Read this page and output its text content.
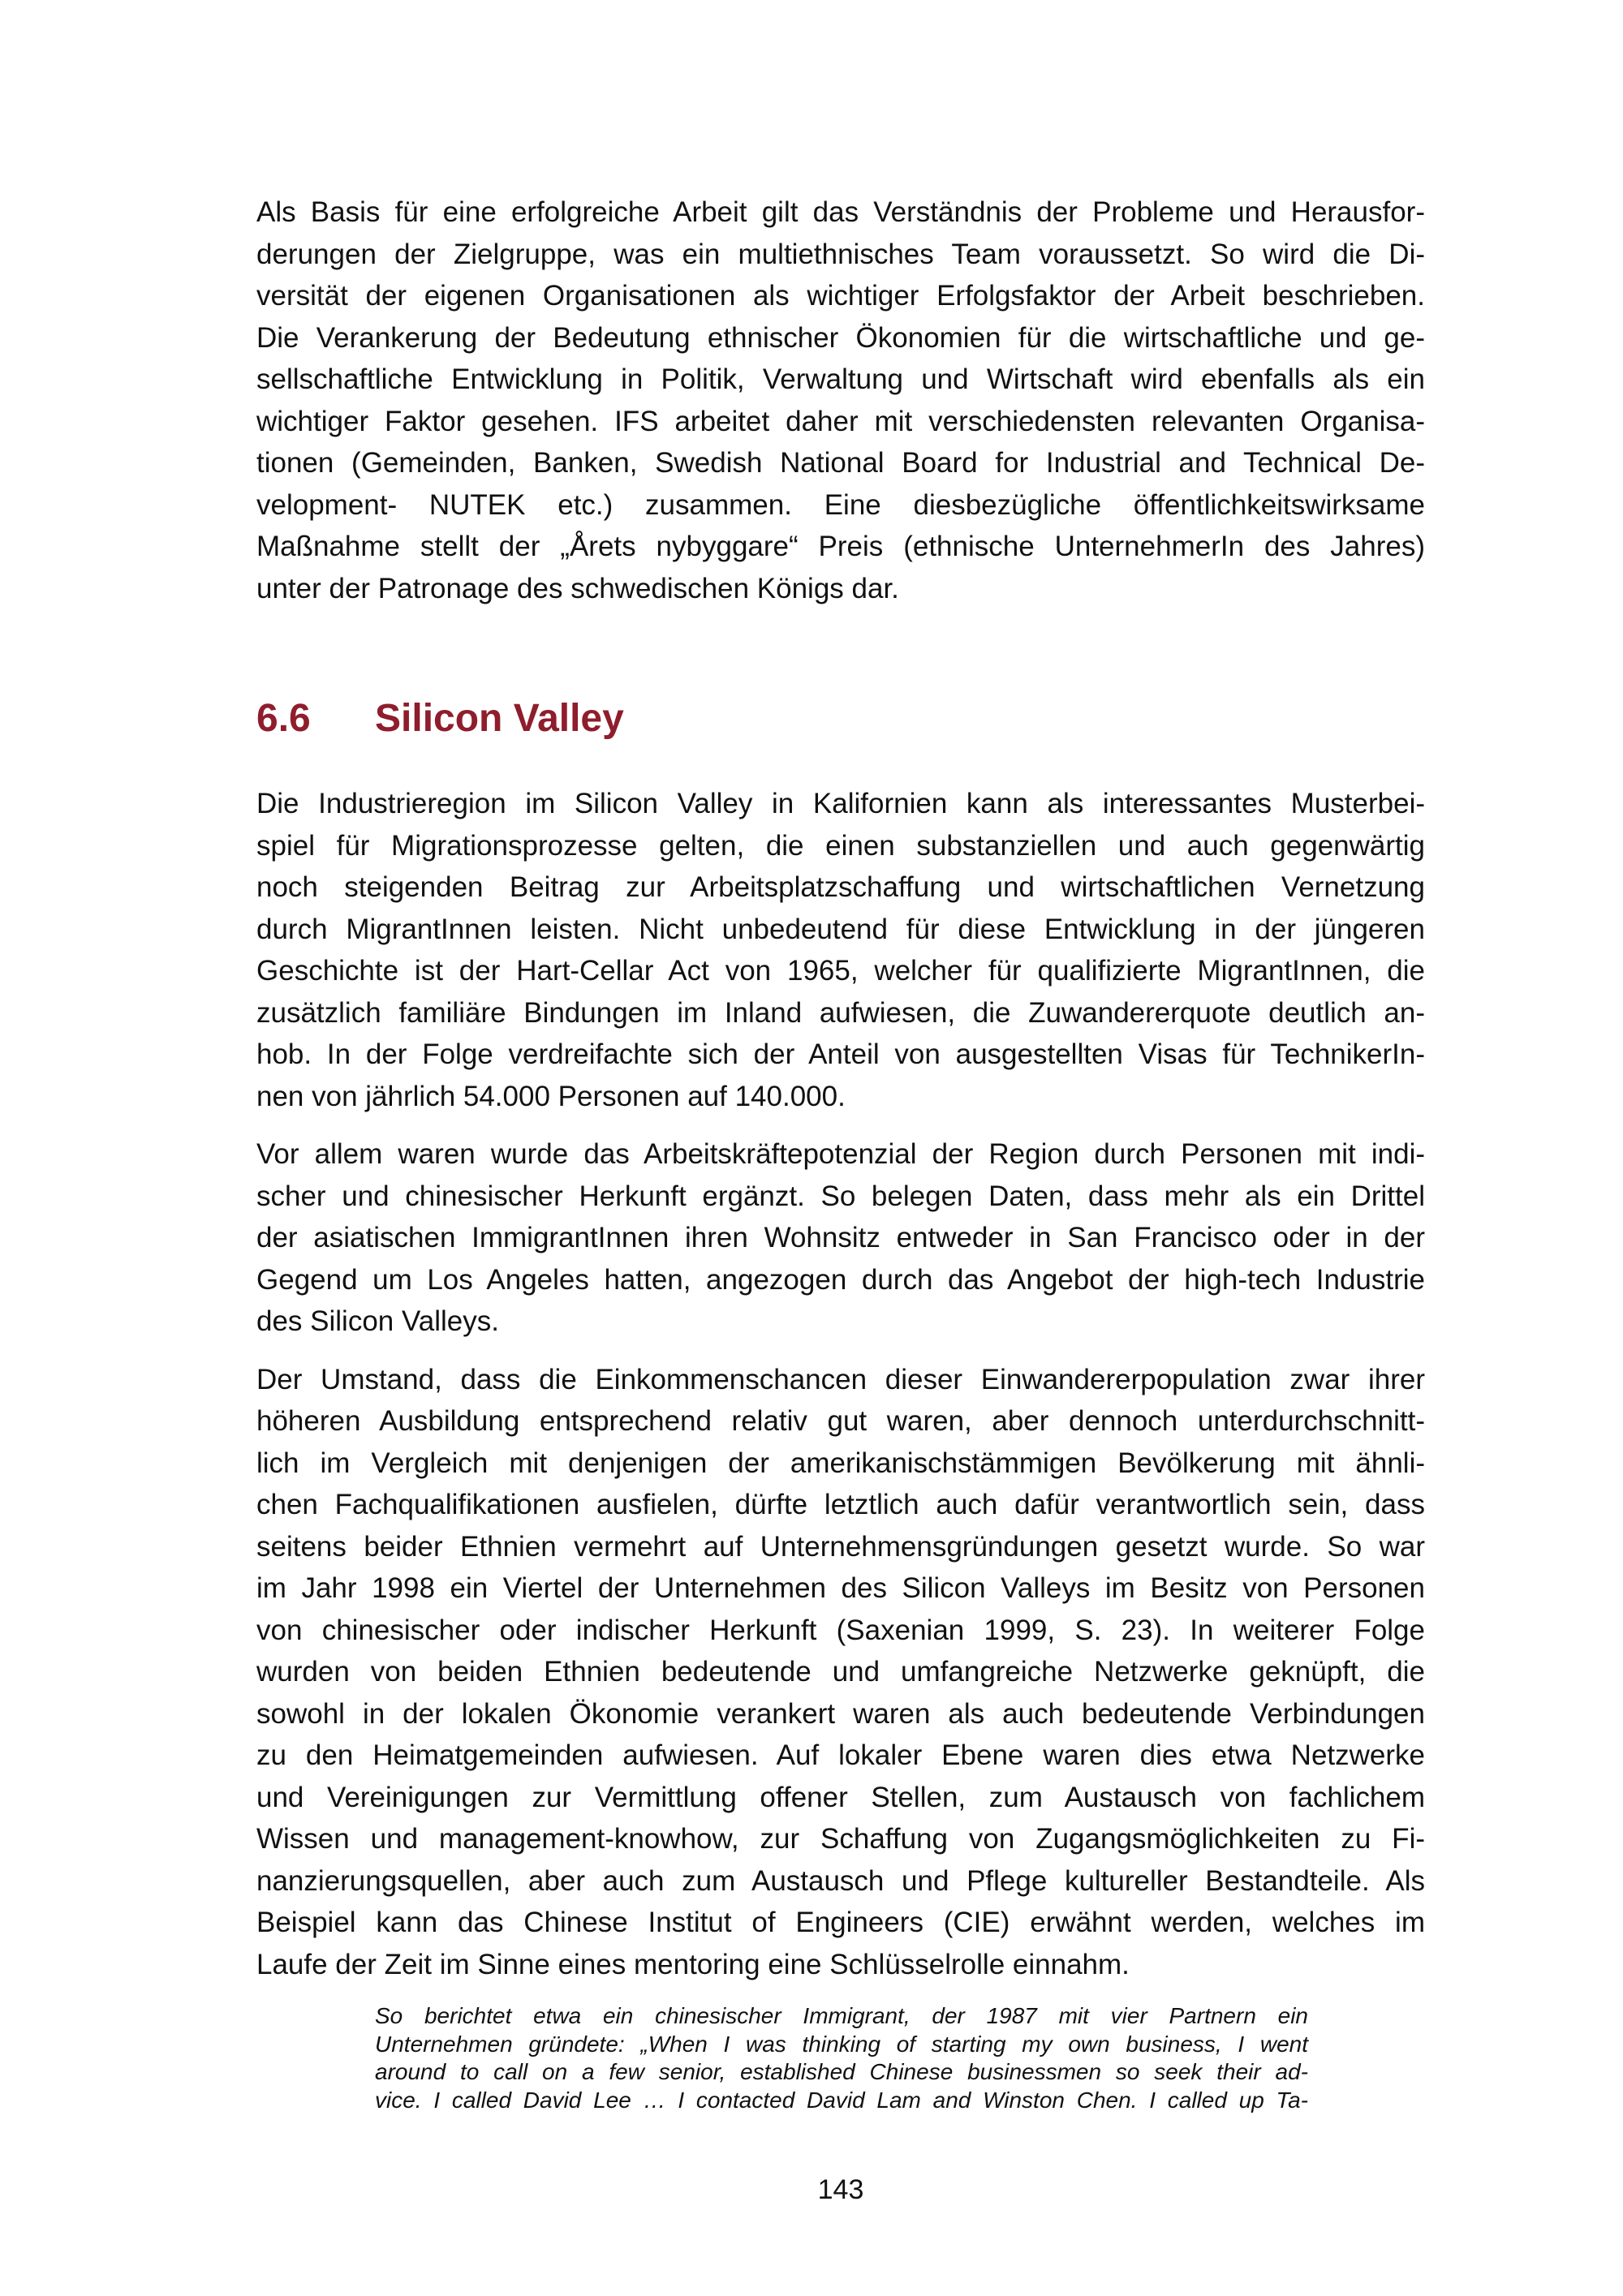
Als Basis für eine erfolgreiche Arbeit gilt das Verständnis der Probleme und Herausfor-
derungen der Zielgruppe, was ein multiethnisches Team voraussetzt. So wird die Di-
versität der eigenen Organisationen als wichtiger Erfolgsfaktor der Arbeit beschrieben.
Die Verankerung der Bedeutung ethnischer Ökonomien für die wirtschaftliche und ge-
sellschaftliche Entwicklung in Politik, Verwaltung und Wirtschaft wird ebenfalls als ein
wichtiger Faktor gesehen. IFS arbeitet daher mit verschiedensten relevanten Organisa-
tionen (Gemeinden, Banken, Swedish National Board for Industrial and Technical De-
velopment- NUTEK etc.) zusammen. Eine diesbezügliche öffentlichkeitswirksame
Maßnahme stellt der „Årets nybyggare“ Preis (ethnische UnternehmerIn des Jahres)
unter der Patronage des schwedischen Königs dar.
6.6 Silicon Valley
Die Industrieregion im Silicon Valley in Kalifornien kann als interessantes Musterbei-
spiel für Migrationsprozesse gelten, die einen substanziellen und auch gegenwärtig
noch steigenden Beitrag zur Arbeitsplatzschaffung und wirtschaftlichen Vernetzung
durch MigrantInnen leisten. Nicht unbedeutend für diese Entwicklung in der jüngeren
Geschichte ist der Hart-Cellar Act von 1965, welcher für qualifizierte MigrantInnen, die
zusätzlich familiäre Bindungen im Inland aufwiesen, die Zuwandererquote deutlich an-
hob. In der Folge verdreifachte sich der Anteil von ausgestellten Visas für TechnikerIn-
nen von jährlich 54.000 Personen auf 140.000.
Vor allem waren wurde das Arbeitskräftepotenzial der Region durch Personen mit indi-
scher und chinesischer Herkunft ergänzt. So belegen Daten, dass mehr als ein Drittel
der asiatischen ImmigrantInnen ihren Wohnsitz entweder in San Francisco oder in der
Gegend um Los Angeles hatten, angezogen durch das Angebot der high-tech Industrie
des Silicon Valleys.
Der Umstand, dass die Einkommenschancen dieser Einwandererpopulation zwar ihrer
höheren Ausbildung entsprechend relativ gut waren, aber dennoch unterdurchschnitt-
lich im Vergleich mit denjenigen der amerikanischstämmigen Bevölkerung mit ähnli-
chen Fachqualifikationen ausfielen, dürfte letztlich auch dafür verantwortlich sein, dass
seitens beider Ethnien vermehrt auf Unternehmensgründungen gesetzt wurde. So war
im Jahr 1998 ein Viertel der Unternehmen des Silicon Valleys im Besitz von Personen
von chinesischer oder indischer Herkunft (Saxenian 1999, S. 23). In weiterer Folge
wurden von beiden Ethnien bedeutende und umfangreiche Netzwerke geknüpft, die
sowohl in der lokalen Ökonomie verankert waren als auch bedeutende Verbindungen
zu den Heimatgemeinden aufwiesen. Auf lokaler Ebene waren dies etwa Netzwerke
und Vereinigungen zur Vermittlung offener Stellen, zum Austausch von fachlichem
Wissen und management-knowhow, zur Schaffung von Zugangsmöglichkeiten zu Fi-
nanzierungsquellen, aber auch zum Austausch und Pflege kultureller Bestandteile. Als
Beispiel kann das Chinese Institut of Engineers (CIE) erwähnt werden, welches im
Laufe der Zeit im Sinne eines mentoring eine Schlüsselrolle einnahm.
So berichtet etwa ein chinesischer Immigrant, der 1987 mit vier Partnern ein
Unternehmen gründete: „When I was thinking of starting my own business, I went
around to call on a few senior, established Chinese businessmen so seek their ad-
vice. I called David Lee … I contacted David Lam and Winston Chen. I called up Ta-
143
